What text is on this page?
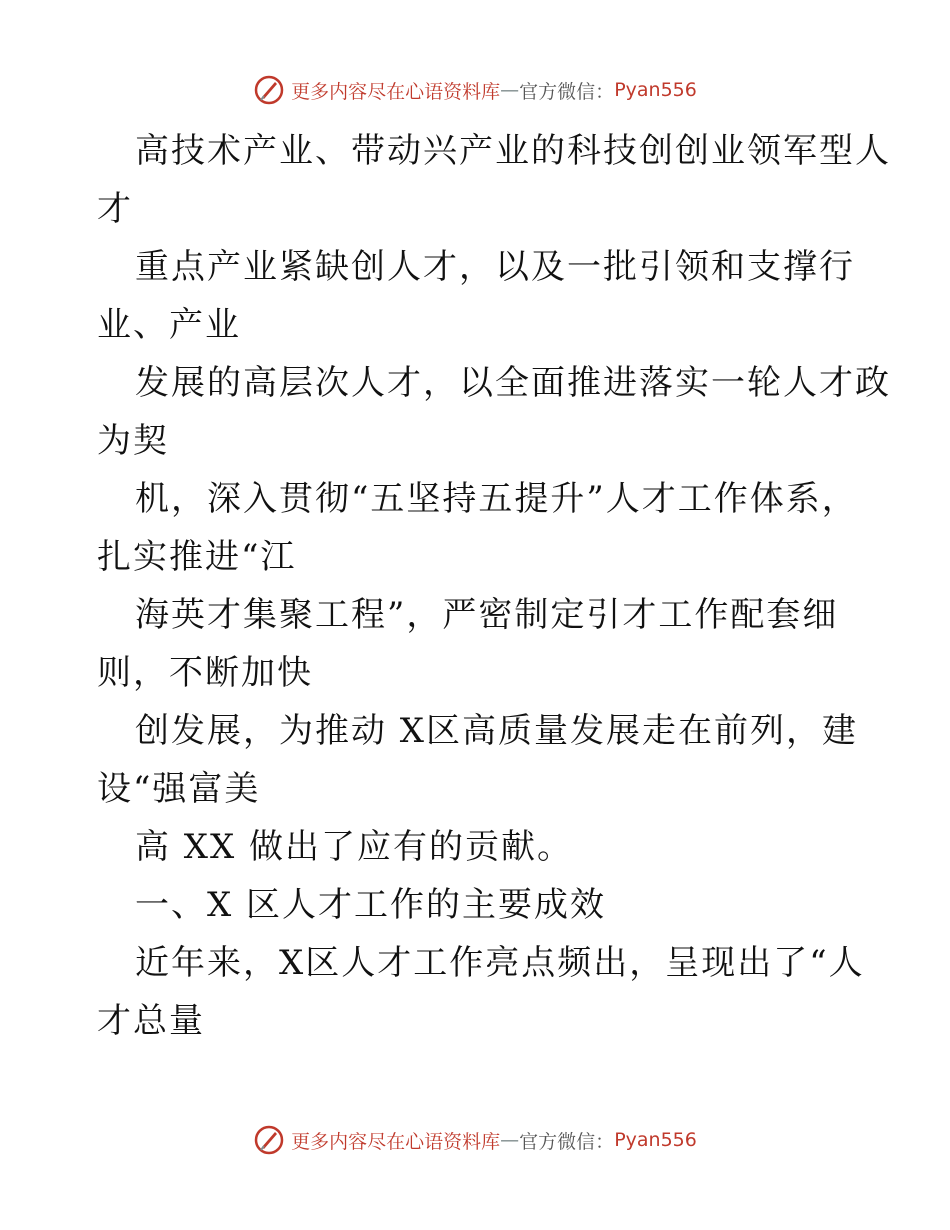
更多内容尽在心语资料库 — 官方微信： Pyan556
高技术产业、带动兴产业的科技创创业领军型人
才
重点产业紧缺创人才，以及一批引领和支撑行
业、产业
发展的高层次人才，以全面推进落实一轮人才政
为契
机，深入贯彻“五坚持五提升”人才工作体系，
扎实推进“江
海英才集聚工程”，严密制定引才工作配套细
则，不断加快
创发展，为推动 X区高质量发展走在前列，建
设“强富美
高 XX 做出了应有的贡献。
一、X 区人才工作的主要成效
近年来，X区人才工作亮点频出，呈现出了“人
才总量
更多内容尽在心语资料库 — 官方微信： Pyan556
